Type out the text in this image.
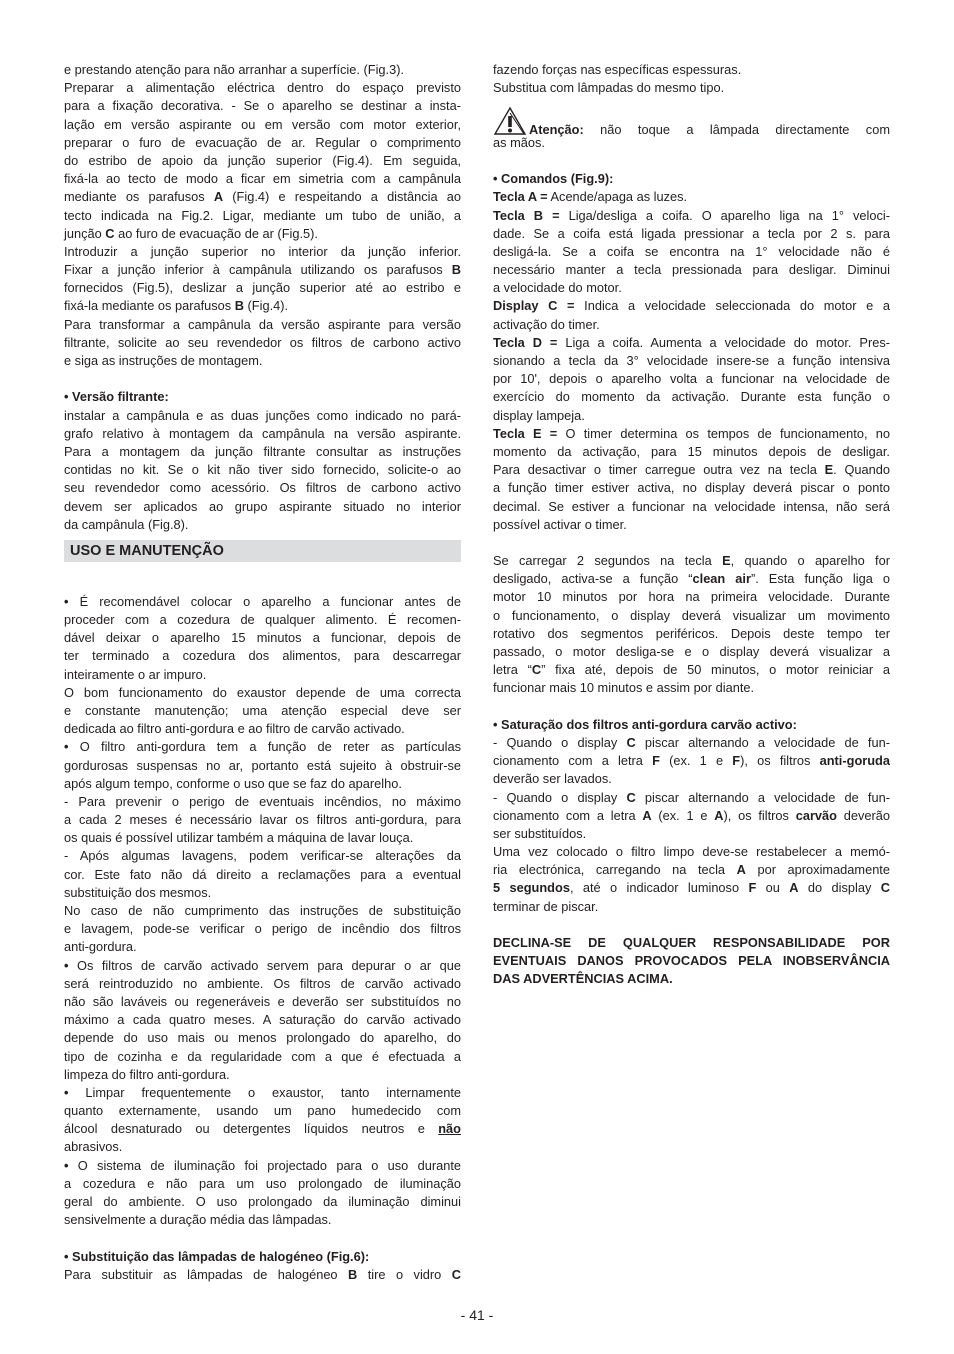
e prestando atenção para não arranhar a superfície. (Fig.3).
Preparar a alimentação eléctrica dentro do espaço previsto
para a fixação decorativa. - Se o aparelho se destinar a insta-
lação em versão aspirante ou em versão com motor exterior,
preparar o furo de evacuação de ar. Regular o comprimento
do estribo de apoio da junção superior (Fig.4). Em seguida,
fixá-la ao tecto de modo a ficar em simetria com a campânula
mediante os parafusos A (Fig.4) e respeitando a distância ao
tecto indicada na Fig.2. Ligar, mediante um tubo de união, a
junção C ao furo de evacuação de ar (Fig.5).
Introduzir a junção superior no interior da junção inferior.
Fixar a junção inferior à campânula utilizando os parafusos B
fornecidos (Fig.5), deslizar a junção superior até ao estribo e
fixá-la mediante os parafusos B (Fig.4).
Para transformar a campânula da versão aspirante para versão
filtrante, solicite ao seu revendedor os filtros de carbono activo
e siga as instruções de montagem.
• Versão filtrante:
instalar a campânula e as duas junções como indicado no pará-
grafo relativo à montagem da campânula na versão aspirante.
Para a montagem da junção filtrante consultar as instruções
contidas no kit. Se o kit não tiver sido fornecido, solicite-o ao
seu revendedor como acessório. Os filtros de carbono activo
devem ser aplicados ao grupo aspirante situado no interior
da campânula (Fig.8).
USO E MANUTENÇÃO
• É recomendável colocar o aparelho a funcionar antes de
proceder com a cozedura de qualquer alimento. É recomen-
dável deixar o aparelho 15 minutos a funcionar, depois de
ter terminado a cozedura dos alimentos, para descarregar
inteiramente o ar impuro.
O bom funcionamento do exaustor depende de uma correcta
e constante manutenção; uma atenção especial deve ser
dedicada ao filtro anti-gordura e ao filtro de carvão activado.
• O filtro anti-gordura tem a função de reter as partículas
gordurosas suspensas no ar, portanto está sujeito à obstruir-se
após algum tempo, conforme o uso que se faz do aparelho.
- Para prevenir o perigo de eventuais incêndios, no máximo
a cada 2 meses é necessário lavar os filtros anti-gordura, para
os quais é possível utilizar também a máquina de lavar louça.
- Após algumas lavagens, podem verificar-se alterações da
cor. Este fato não dá direito a reclamações para a eventual
substituição dos mesmos.
No caso de não cumprimento das instruções de substituição
e lavagem, pode-se verificar o perigo de incêndio dos filtros
anti-gordura.
• Os filtros de carvão activado servem para depurar o ar que
será reintroduzido no ambiente. Os filtros de carvão activado
não são laváveis ou regeneráveis e deverão ser substituídos no
máximo a cada quatro meses. A saturação do carvão activado
depende do uso mais ou menos prolongado do aparelho, do
tipo de cozinha e da regularidade com a que é efectuada a
limpeza do filtro anti-gordura.
• Limpar frequentemente o exaustor, tanto internamente
quanto externamente, usando um pano humedecido com
álcool desnaturado ou detergentes líquidos neutros e não
abrasivos.
• O sistema de iluminação foi projectado para o uso durante
a cozedura e não para um uso prolongado de iluminação
geral do ambiente. O uso prolongado da iluminação diminui
sensivelmente a duração média das lâmpadas.
• Substituição das lâmpadas de halogéneo (Fig.6):
Para substituir as lâmpadas de halogéneo B tire o vidro C
fazendo forças nas específicas espessuras.
Substitua com lâmpadas do mesmo tipo.
Atenção: não toque a lâmpada directamente com
as mãos.
• Comandos (Fig.9):
Tecla A = Acende/apaga as luzes.
Tecla B = Liga/desliga a coifa. O aparelho liga na 1° veloci-
dade. Se a coifa está ligada pressionar a tecla por 2 s. para
desligá-la. Se a coifa se encontra na 1° velocidade não é
necessário manter a tecla pressionada para desligar. Diminui
a velocidade do motor.
Display C = Indica a velocidade seleccionada do motor e a
activação do timer.
Tecla D = Liga a coifa. Aumenta a velocidade do motor. Pres-
sionando a tecla da 3° velocidade insere-se a função intensiva
por 10', depois o aparelho volta a funcionar na velocidade de
exercício do momento da activação. Durante esta função o
display lampeja.
Tecla E = O timer determina os tempos de funcionamento, no
momento da activação, para 15 minutos depois de desligar.
Para desactivar o timer carregue outra vez na tecla E. Quando
a função timer estiver activa, no display deverá piscar o ponto
decimal. Se estiver a funcionar na velocidade intensa, não será
possível activar o timer.
Se carregar 2 segundos na tecla E, quando o aparelho for
desligado, activa-se a função “clean air”. Esta função liga o
motor 10 minutos por hora na primeira velocidade. Durante
o funcionamento, o display deverá visualizar um movimento
rotativo dos segmentos periféricos. Depois deste tempo ter
passado, o motor desliga-se e o display deverá visualizar a
letra “C” fixa até, depois de 50 minutos, o motor reiniciar a
funcionar mais 10 minutos e assim por diante.
• Saturação dos filtros anti-gordura carvão activo:
- Quando o display C piscar alternando a velocidade de fun-
cionamento com a letra F (ex. 1 e F), os filtros anti-goruda
deverão ser lavados.
- Quando o display C piscar alternando a velocidade de fun-
cionamento com a letra A (ex. 1 e A), os filtros carvão deverão
ser substituídos.
Uma vez colocado o filtro limpo deve-se restabelecer a memó-
ria electrónica, carregando na tecla A por aproximadamente
5 segundos, até o indicador luminoso F ou A do display C
terminar de piscar.
DECLINA-SE DE QUALQUER RESPONSABILIDADE POR
EVENTUAIS DANOS PROVOCADOS PELA INOBSERVÂNCIA
DAS ADVERTÊNCIAS ACIMA.
- 41 -
